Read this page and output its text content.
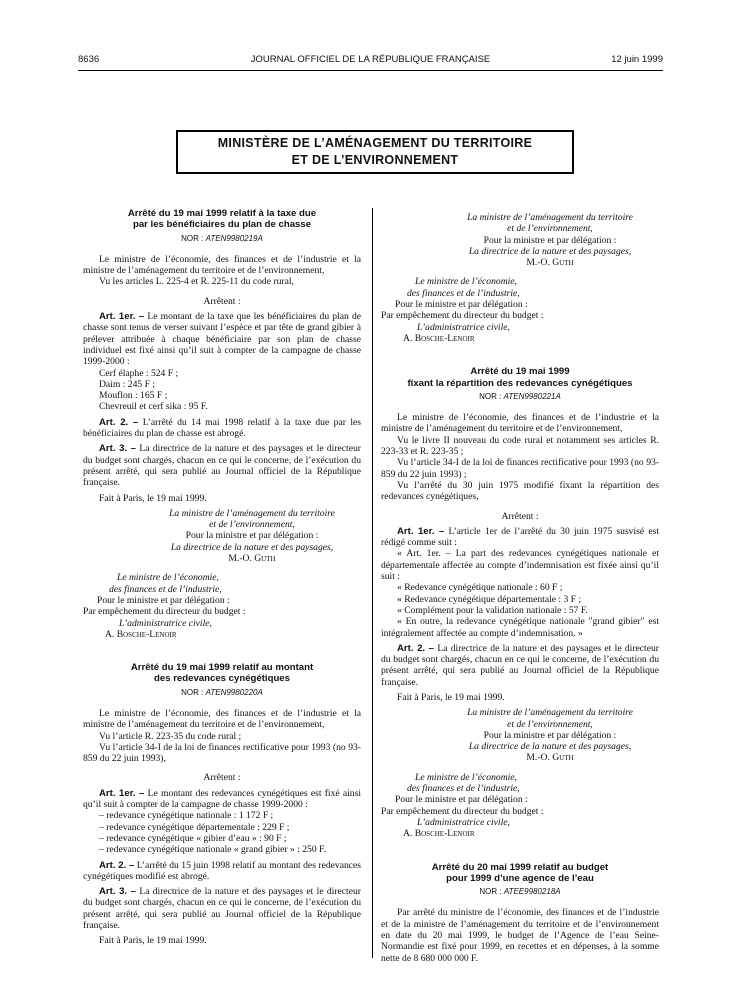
8636	JOURNAL OFFICIEL DE LA RÉPUBLIQUE FRANÇAISE	12 juin 1999
MINISTÈRE DE L’AMÉNAGEMENT DU TERRITOIRE
ET DE L’ENVIRONNEMENT
Arrêté du 19 mai 1999 relatif à la taxe due
par les bénéficiaires du plan de chasse
NOR : ATEN9980219A

Le ministre de l’économie, des finances et de l’industrie et la ministre de l’aménagement du territoire et de l’environnement,

Vu les articles L. 225-4 et R. 225-11 du code rural,

Arrêtent :

Art. 1er. – Le montant de la taxe que les bénéficiaires du plan de chasse sont tenus de verser suivant l’espèce et par tête de grand gibier à prélever attribuée à chaque bénéficiaire par son plan de chasse individuel est fixé ainsi qu’il suit à compter de la campagne de chasse 1999-2000 :

Cerf élaphe : 524 F ;

Daim : 245 F ;

Mouflon : 165 F ;

Chevreuil et cerf sika : 95 F.

Art. 2. – L’arrêté du 14 mai 1998 relatif à la taxe due par les bénéficiaires du plan de chasse est abrogé.

Art. 3. – La directrice de la nature et des paysages et le directeur du budget sont chargés, chacun en ce qui le concerne, de l’exécution du présent arrêté, qui sera publié au Journal officiel de la République française.

Fait à Paris, le 19 mai 1999.

La ministre de l’aménagement du territoire
et de l’environnement,
Pour la ministre et par délégation :
La directrice de la nature et des paysages,
M.-O. Guth
Le ministre de l’économie,
des finances et de l’industrie,
Pour le ministre et par délégation :
Par empêchement du directeur du budget :
L’administratrice civile,
A. Bosche-Lenoir
Arrêté du 19 mai 1999 relatif au montant
des redevances cynégétiques
NOR : ATEN9980220A

Le ministre de l’économie, des finances et de l’industrie et la ministre de l’aménagement du territoire et de l’environnement,

Vu l’article R. 223-35 du code rural ;

Vu l’article 34-I de la loi de finances rectificative pour 1993 (no 93-859 du 22 juin 1993),

Arrêtent :

Art. 1er. – Le montant des redevances cynégétiques est fixé ainsi qu’il suit à compter de la campagne de chasse 1999-2000 :

– redevance cynégétique nationale : 1 172 F ;

– redevance cynégétique départementale : 229 F ;

– redevance cynégétique « gibier d’eau » : 90 F ;

– redevance cynégétique nationale « grand gibier » : 250 F.

Art. 2. – L’arrêté du 15 juin 1998 relatif au montant des redevances cynégétiques modifié est abrogé.

Art. 3. – La directrice de la nature et des paysages et le directeur du budget sont chargés, chacun en ce qui le concerne, de l’exécution du présent arrêté, qui sera publié au Journal officiel de la République française.

Fait à Paris, le 19 mai 1999.

La ministre de l’aménagement du territoire
et de l’environnement,
Pour la ministre et par délégation :
La directrice de la nature et des paysages,
M.-O. Guth
Le ministre de l’économie,
des finances et de l’industrie,
Pour le ministre et par délégation :
Par empêchement du directeur du budget :
L’administratrice civile,
A. Bosche-Lenoir
Arrêté du 19 mai 1999
fixant la répartition des redevances cynégétiques
NOR : ATEN9980221A

Le ministre de l’économie, des finances et de l’industrie et la ministre de l’aménagement du territoire et de l’environnement,

Vu le livre II nouveau du code rural et notamment ses articles R. 223-33 et R. 223-35 ;

Vu l’article 34-I de la loi de finances rectificative pour 1993 (no 93-859 du 22 juin 1993) ;

Vu l’arrêté du 30 juin 1975 modifié fixant la répartition des redevances cynégétiques,

Arrêtent :

Art. 1er. – L’article 1er de l’arrêté du 30 juin 1975 susvisé est rédigé comme suit :

« Art. 1er. – La part des redevances cynégétiques nationale et départementale affectée au compte d’indemnisation est fixée ainsi qu’il suit :

« Redevance cynégétique nationale : 60 F ;

« Redevance cynégétique départementale : 3 F ;

« Complément pour la validation nationale : 57 F.

« En outre, la redevance cynégétique nationale "grand gibier" est intégralement affectée au compte d’indemnisation. »

Art. 2. – La directrice de la nature et des paysages et le directeur du budget sont chargés, chacun en ce qui le concerne, de l’exécution du présent arrêté, qui sera publié au Journal officiel de la République française.

Fait à Paris, le 19 mai 1999.

La ministre de l’aménagement du territoire
et de l’environnement,
Pour la ministre et par délégation :
La directrice de la nature et des paysages,
M.-O. Guth
Le ministre de l’économie,
des finances et de l’industrie,
Pour le ministre et par délégation :
Par empêchement du directeur du budget :
L’administratrice civile,
A. Bosche-Lenoir
Arrêté du 20 mai 1999 relatif au budget
pour 1999 d’une agence de l’eau
NOR : ATEE9980218A

Par arrêté du ministre de l’économie, des finances et de l’industrie et de la ministre de l’aménagement du territoire et de l’environnement en date du 20 mai 1999, le budget de l’Agence de l’eau Seine-Normandie est fixé pour 1999, en recettes et en dépenses, à la somme nette de 8 680 000 000 F.
